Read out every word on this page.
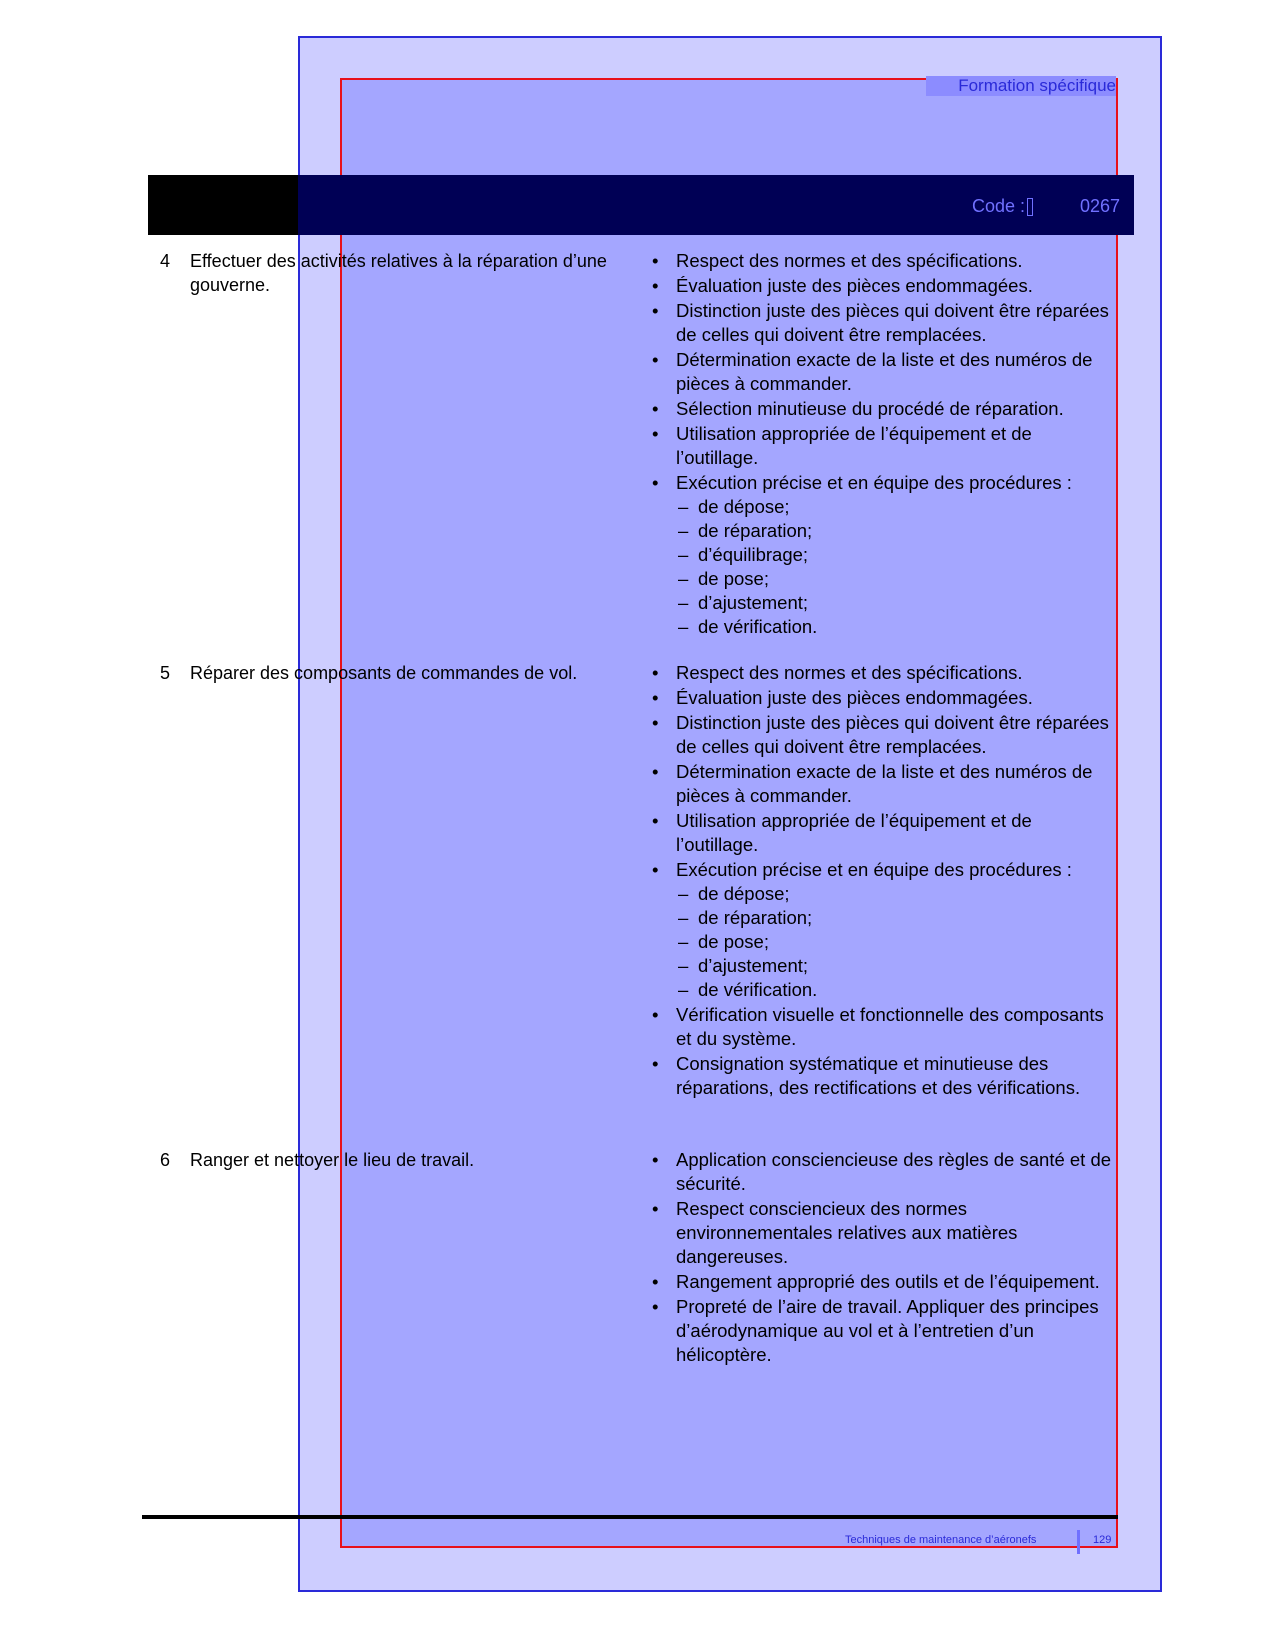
Formation spécifique
Code :	0267
4 Effectuer des activités relatives à la réparation d’une gouverne.
• Respect des normes et des spécifications.
• Évaluation juste des pièces endommagées.
• Distinction juste des pièces qui doivent être réparées de celles qui doivent être remplacées.
• Détermination exacte de la liste et des numéros de pièces à commander.
• Sélection minutieuse du procédé de réparation.
• Utilisation appropriée de l’équipement et de l’outillage.
• Exécution précise et en équipe des procédures :
– de dépose;
– de réparation;
– d’équilibrage;
– de pose;
– d’ajustement;
– de vérification.
5 Réparer des composants de commandes de vol.	• Respect des normes et des spécifications.
• Évaluation juste des pièces endommagées.
• Distinction juste des pièces qui doivent être réparées de celles qui doivent être remplacées.
• Détermination exacte de la liste et des numéros de pièces à commander.
• Utilisation appropriée de l’équipement et de l’outillage.
• Exécution précise et en équipe des procédures :
– de dépose;
– de réparation;
– de pose;
– d’ajustement;
– de vérification.
• Vérification visuelle et fonctionnelle des composants et du système.
• Consignation systématique et minutieuse des réparations, des rectifications et des vérifications.
6 Ranger et nettoyer le lieu de travail.	• Application consciencieuse des règles de santé et de sécurité.
• Respect consciencieux des normes environnementales relatives aux matières dangereuses.
• Rangement approprié des outils et de l’équipement.
• Propreté de l’aire de travail. Appliquer des principes d’aérodynamique au vol et à l’entretien d’un hélicoptère.
Techniques de maintenance d’aéronefs	129
